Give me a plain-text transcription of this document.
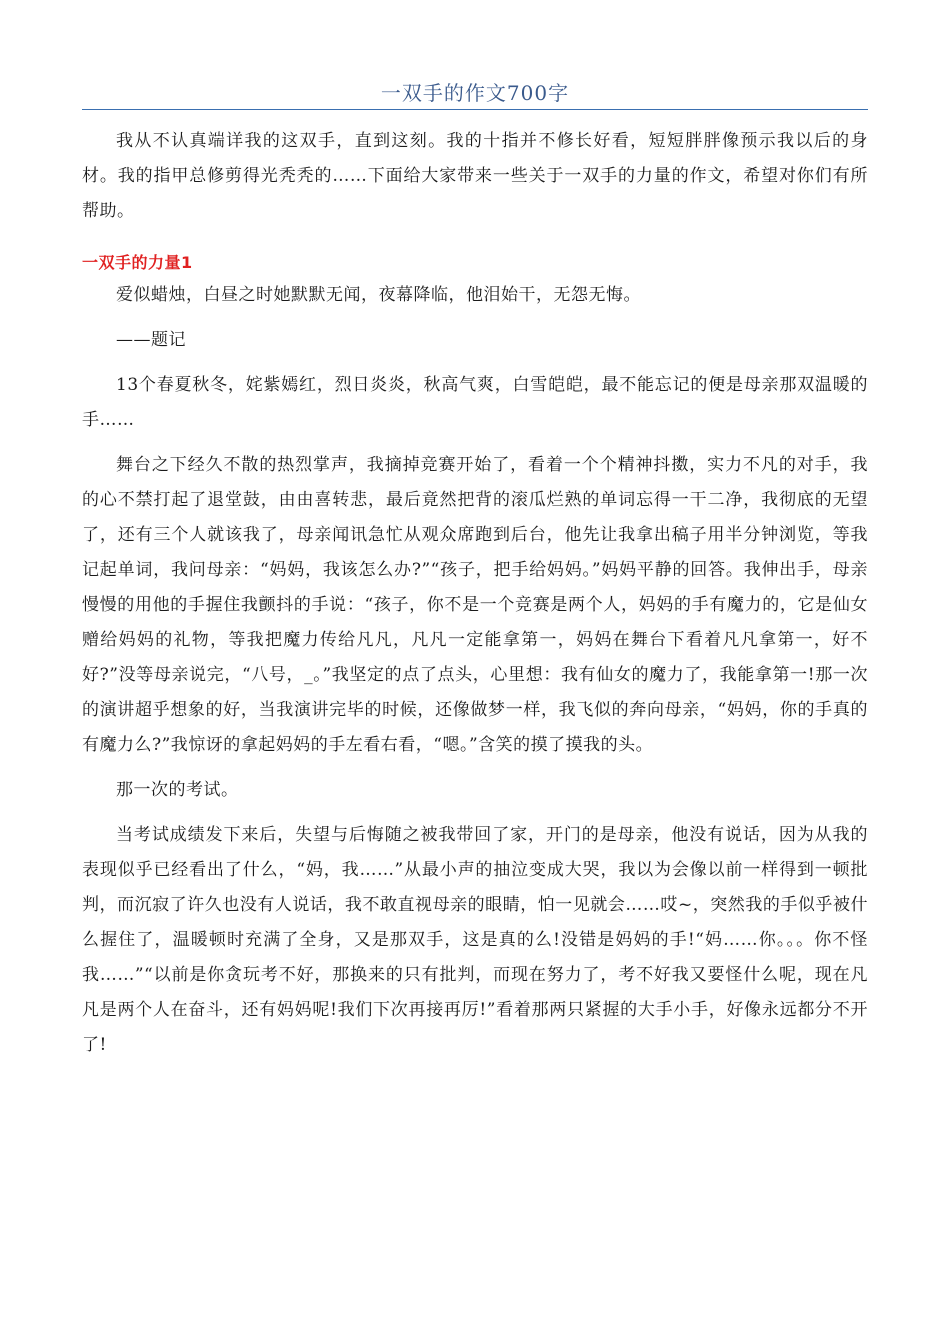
一双手的作文700字

我从不认真端详我的这双手，直到这刻。我的十指并不修长好看，短短胖胖像预示我以后的身材。我的指甲总修剪得光秃秃的……下面给大家带来一些关于一双手的力量的作文，希望对你们有所帮助。

一双手的力量1

爱似蜡烛，白昼之时她默默无闻，夜幕降临，他泪始干，无怨无悔。

——题记

13个春夏秋冬，姹紫嫣红，烈日炎炎，秋高气爽，白雪皑皑，最不能忘记的便是母亲那双温暖的手……

舞台之下经久不散的热烈掌声，我摘掉竞赛开始了，看着一个个精神抖擞，实力不凡的对手，我的心不禁打起了退堂鼓，由由喜转悲，最后竟然把背的滚瓜烂熟的单词忘得一干二净，我彻底的无望了，还有三个人就该我了，母亲闻讯急忙从观众席跑到后台，他先让我拿出稿子用半分钟浏览，等我记起单词，我问母亲：“妈妈，我该怎么办?”“孩子，把手给妈妈。”妈妈平静的回答。我伸出手，母亲慢慢的用他的手握住我颤抖的手说：“孩子，你不是一个竞赛是两个人，妈妈的手有魔力的，它是仙女赠给妈妈的礼物，等我把魔力传给凡凡，凡凡一定能拿第一，妈妈在舞台下看着凡凡拿第一，好不好?”没等母亲说完，“八号，_。”我坚定的点了点头，心里想：我有仙女的魔力了，我能拿第一!那一次的演讲超乎想象的好，当我演讲完毕的时候，还像做梦一样，我飞似的奔向母亲，“妈妈，你的手真的有魔力么?”我惊讶的拿起妈妈的手左看右看，“嗯。”含笑的摸了摸我的头。

那一次的考试。

当考试成绩发下来后，失望与后悔随之被我带回了家，开门的是母亲，他没有说话，因为从我的表现似乎已经看出了什么，“妈，我……”从最小声的抽泣变成大哭，我以为会像以前一样得到一顿批判，而沉寂了许久也没有人说话，我不敢直视母亲的眼睛，怕一见就会……哎~，突然我的手似乎被什么握住了，温暖顿时充满了全身，又是那双手，这是真的么!没错是妈妈的手!“妈……你。。。你不怪我……”“以前是你贪玩考不好，那换来的只有批判，而现在努力了，考不好我又要怪什么呢，现在凡凡是两个人在奋斗，还有妈妈呢!我们下次再接再厉!”看着那两只紧握的大手小手，好像永远都分不开了!
